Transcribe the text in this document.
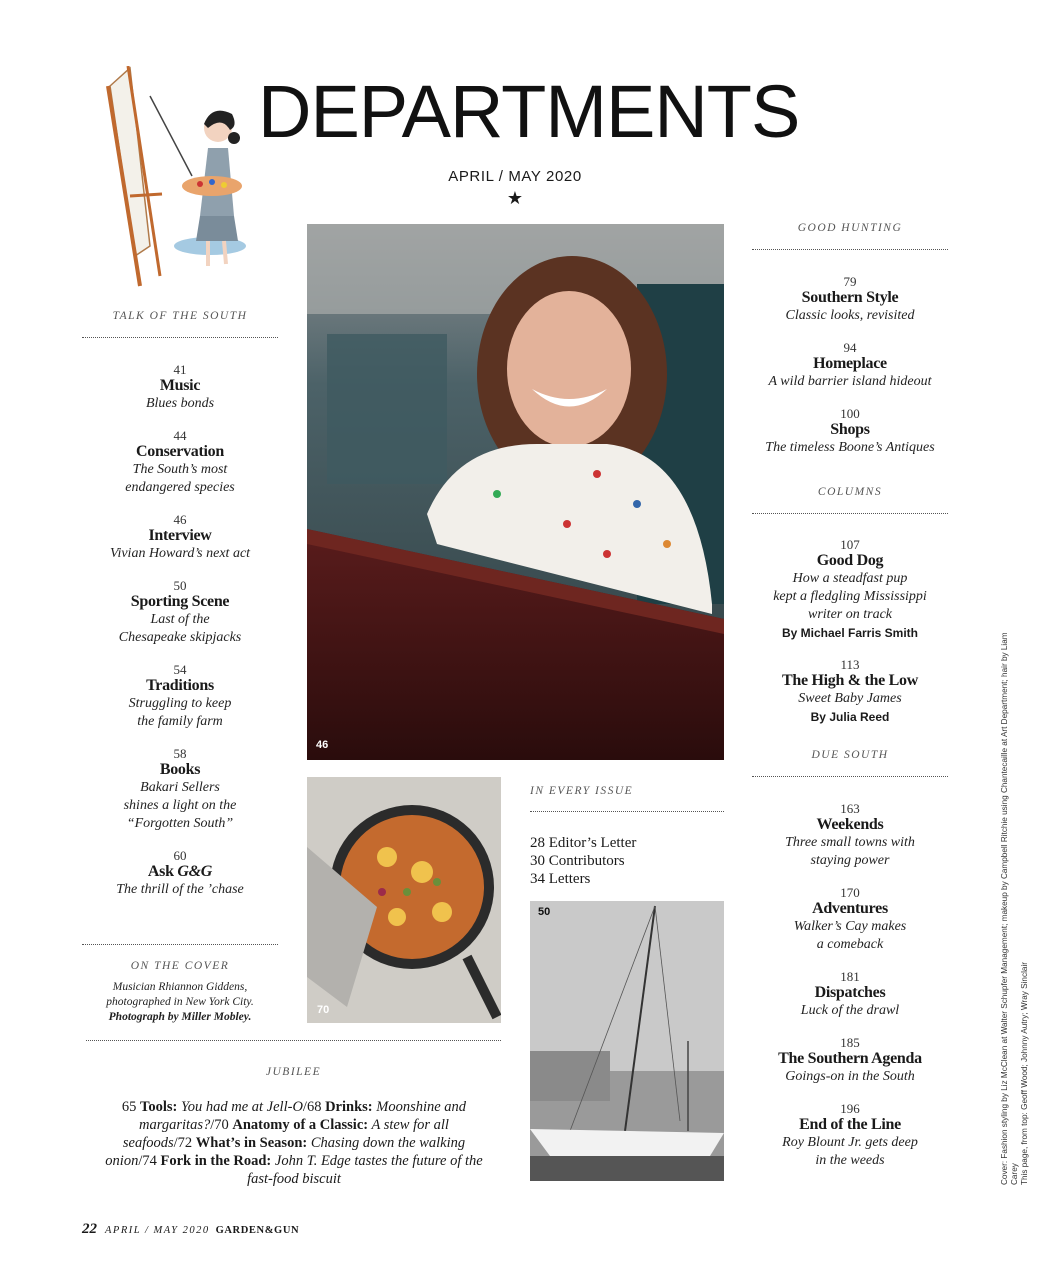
DEPARTMENTS
APRIL / MAY 2020
★
TALK OF THE SOUTH
41
Music
Blues bonds
44
Conservation
The South’s most
endangered species
46
Interview
Vivian Howard’s next act
50
Sporting Scene
Last of the
Chesapeake skipjacks
54
Traditions
Struggling to keep
the family farm
58
Books
Bakari Sellers
shines a light on the
“Forgotten South”
60
Ask G&G
The thrill of the ’chase
ON THE COVER
Musician Rhiannon Giddens,
photographed in New York City.
Photograph by Miller Mobley.
46
70
IN EVERY ISSUE
28 Editor’s Letter
30 Contributors
34 Letters
50
JUBILEE
65 Tools: You had me at Jell-O/68 Drinks: Moonshine and margaritas?/70 Anatomy of a Classic: A stew for all seafoods/72 What’s in Season: Chasing down the walking onion/74 Fork in the Road: John T. Edge tastes the future of the fast-food biscuit
GOOD HUNTING
79
Southern Style
Classic looks, revisited
94
Homeplace
A wild barrier island hideout
100
Shops
The timeless Boone’s Antiques
COLUMNS
107
Good Dog
How a steadfast pup
kept a fledgling Mississippi
writer on track
By Michael Farris Smith
113
The High & the Low
Sweet Baby James
By Julia Reed
DUE SOUTH
163
Weekends
Three small towns with
staying power
170
Adventures
Walker’s Cay makes
a comeback
181
Dispatches
Luck of the drawl
185
The Southern Agenda
Goings-on in the South
196
End of the Line
Roy Blount Jr. gets deep
in the weeds	Cover: Fashion styling by Liz McClean at Walter Schupfer Management; makeup by Campbell Ritchie using Chantecaille at Art Department; hair by Liam Carey This page, from top: Geoff Wood; Johnny Autry; Wray Sinclair
22 APRIL / MAY 2020 GARDEN&GUN
